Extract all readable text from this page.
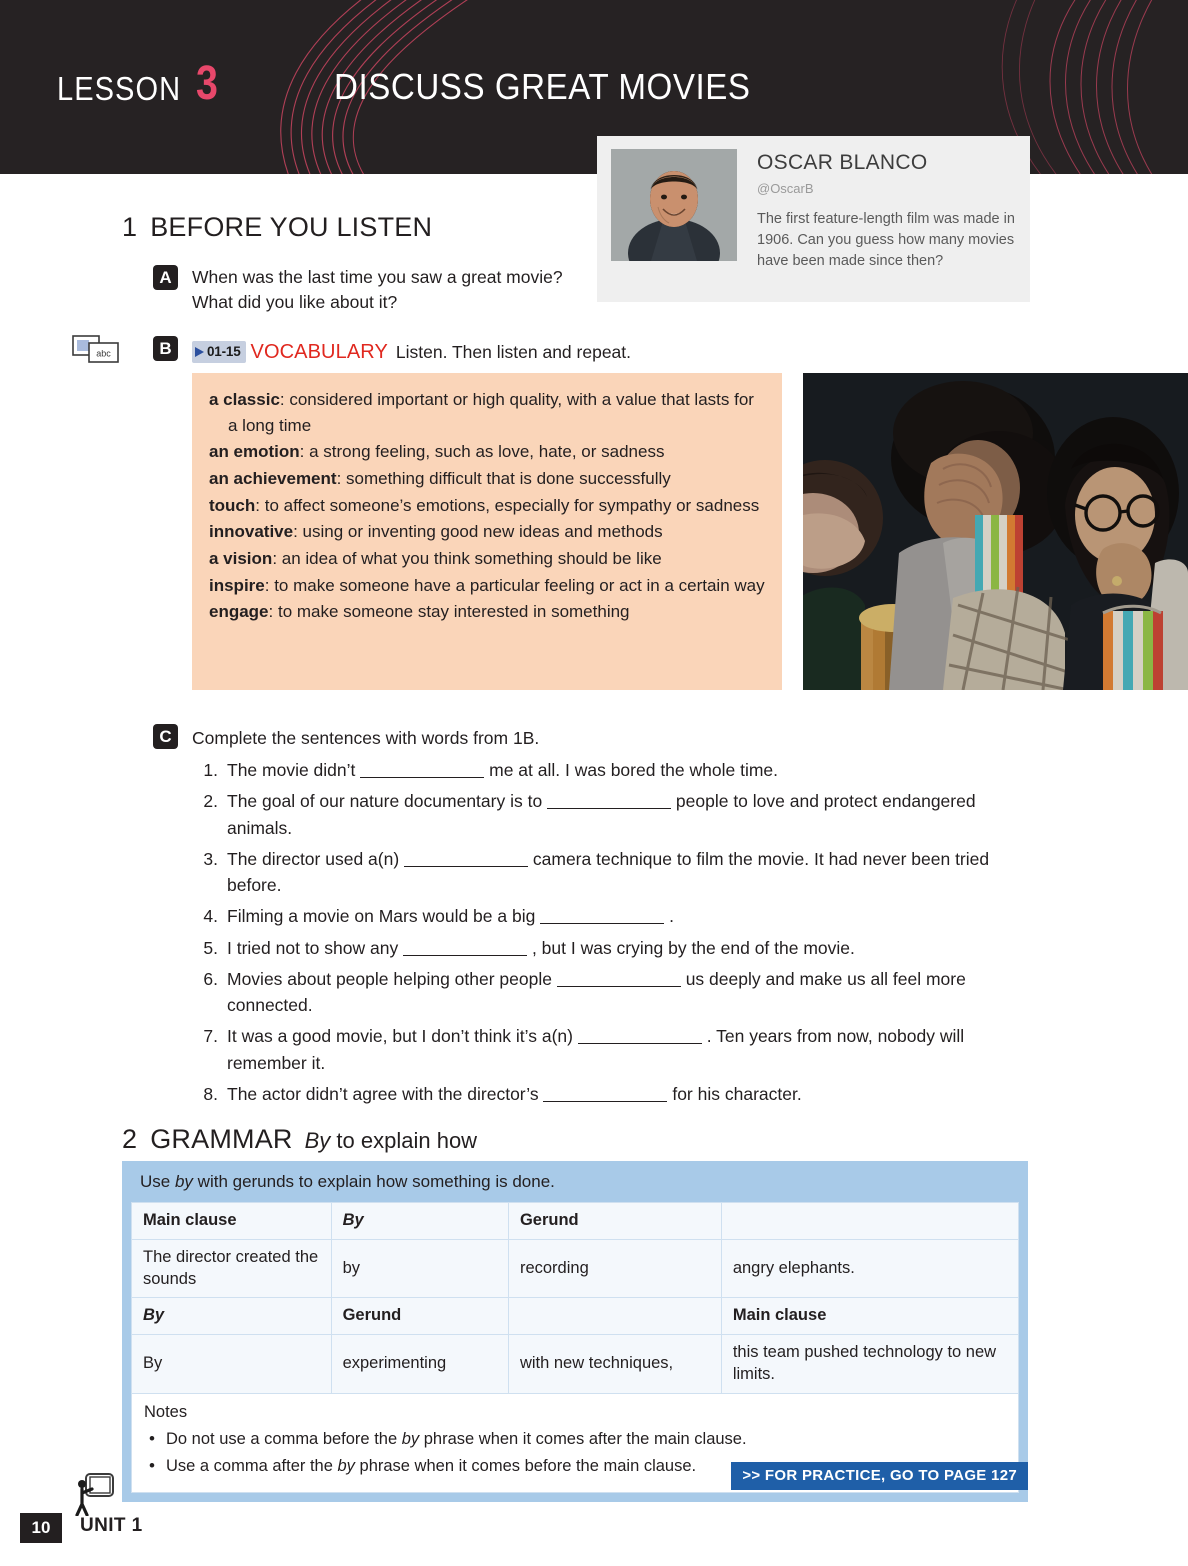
LESSON 3	DISCUSS GREAT MOVIES
OSCAR BLANCO
@OscarB
The first feature-length film was made in 1906. Can you guess how many movies have been made since then?
1 BEFORE YOU LISTEN
A	When was the last time you saw a great movie? What did you like about it?
abc	B	01-15 VOCABULARY Listen. Then listen and repeat.
a classic: considered important or high quality, with a value that lasts for a long time
an emotion: a strong feeling, such as love, hate, or sadness
an achievement: something difficult that is done successfully
touch: to affect someone’s emotions, especially for sympathy or sadness
innovative: using or inventing good new ideas and methods
a vision: an idea of what you think something should be like
inspire: to make someone have a particular feeling or act in a certain way
engage: to make someone stay interested in something
C	Complete the sentences with words from 1B.
1. The movie didn’t	me at all. I was bored the whole time.
2. The goal of our nature documentary is to	people to love and protect endangered animals.
3. The director used a(n)	camera technique to film the movie. It had never been tried before.
4. Filming a movie on Mars would be a big	.
5. I tried not to show any	, but I was crying by the end of the movie.
6. Movies about people helping other people	us deeply and make us all feel more connected.
7. It was a good movie, but I don’t think it’s a(n)	. Ten years from now, nobody will remember it.
8. The actor didn’t agree with the director’s	for his character.
2 GRAMMAR By to explain how
Use by with gerunds to explain how something is done.
Main clause	By	Gerund	
The director created the sounds	by	recording	angry elephants.
By	Gerund		Main clause
By	experimenting	with new techniques,	this team pushed technology to new limits.
Notes
• Do not use a comma before the by phrase when it comes after the main clause.
• Use a comma after the by phrase when it comes before the main clause.
>> FOR PRACTICE, GO TO PAGE 127
10	UNIT 1
